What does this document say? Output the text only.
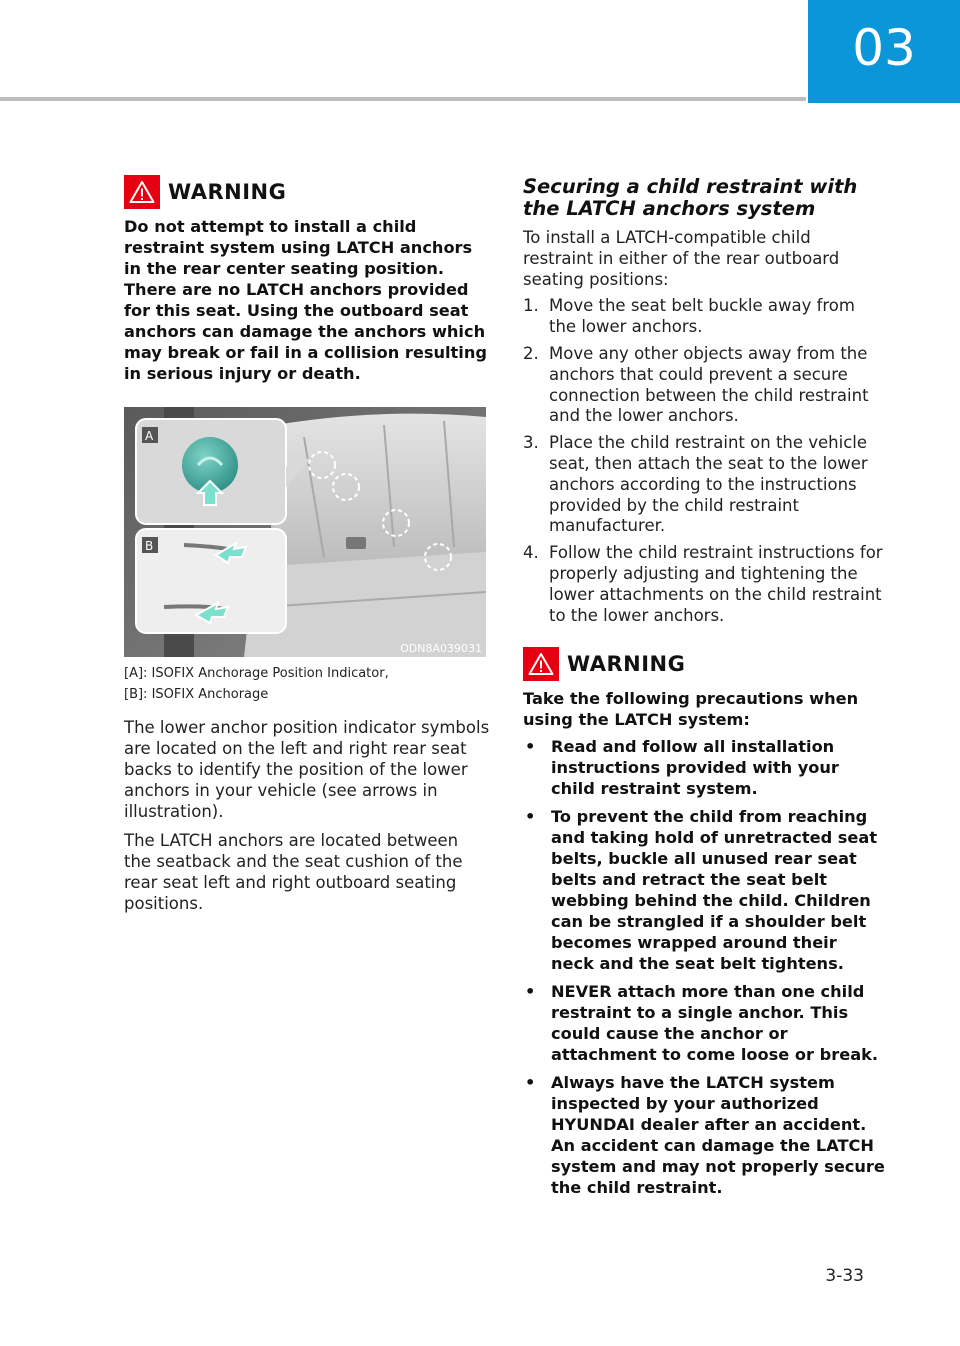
03
WARNING
Do not attempt to install a child restraint system using LATCH anchors in the rear center seating position. There are no LATCH anchors provided for this seat. Using the outboard seat anchors can damage the anchors which may break or fail in a collision resulting in serious injury or death.
A
B
ODN8A039031
[A]: ISOFIX Anchorage Position Indicator,
[B]: ISOFIX Anchorage
The lower anchor position indicator symbols are located on the left and right rear seat backs to identify the position of the lower anchors in your vehicle (see arrows in illustration).
The LATCH anchors are located between the seatback and the seat cushion of the rear seat left and right outboard seating positions.
Securing a child restraint with the LATCH anchors system
To install a LATCH-compatible child restraint in either of the rear outboard seating positions:
1. Move the seat belt buckle away from the lower anchors.
2. Move any other objects away from the anchors that could prevent a secure connection between the child restraint and the lower anchors.
3. Place the child restraint on the vehicle seat, then attach the seat to the lower anchors according to the instructions provided by the child restraint manufacturer.
4. Follow the child restraint instructions for properly adjusting and tightening the lower attachments on the child restraint to the lower anchors.
WARNING
Take the following precautions when using the LATCH system:
• Read and follow all installation instructions provided with your child restraint system.
• To prevent the child from reaching and taking hold of unretracted seat belts, buckle all unused rear seat belts and retract the seat belt webbing behind the child. Children can be strangled if a shoulder belt becomes wrapped around their neck and the seat belt tightens.
• NEVER attach more than one child restraint to a single anchor. This could cause the anchor or attachment to come loose or break.
• Always have the LATCH system inspected by your authorized HYUNDAI dealer after an accident. An accident can damage the LATCH system and may not properly secure the child restraint.
3-33
